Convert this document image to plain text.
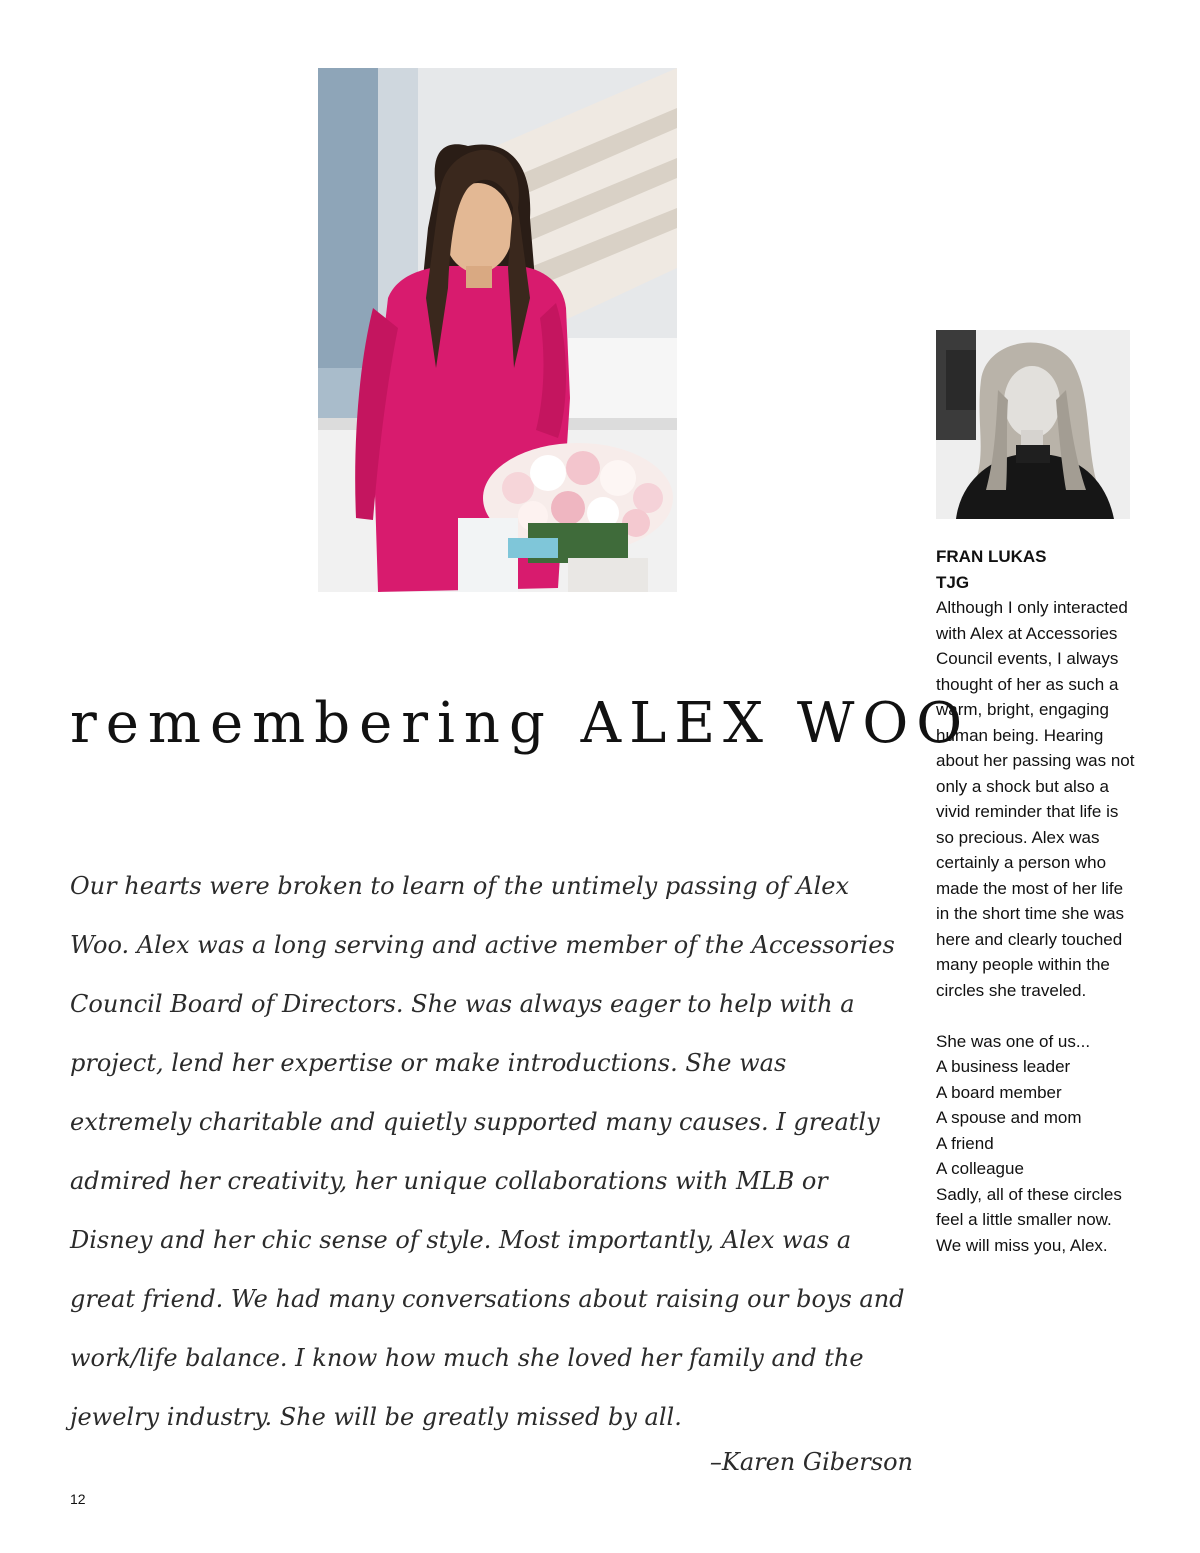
remembering ALEX WOO

Our hearts were broken to learn of the untimely passing of Alex Woo. Alex was a long serving and active member of the Accessories Council Board of Directors. She was always eager to help with a project, lend her expertise or make introductions. She was extremely charitable and quietly supported many causes. I greatly admired her creativity, her unique collaborations with MLB or Disney and her chic sense of style. Most importantly, Alex was a great friend. We had many conversations about raising our boys and work/life balance. I know how much she loved her family and the jewelry industry. She will be greatly missed by all.

–Karen Giberson
FRAN LUKAS
TJG

Although I only interacted with Alex at Accessories Council events, I always thought of her as such a warm, bright, engaging human being. Hearing about her passing was not only a shock but also a vivid reminder that life is so precious. Alex was certainly a person who made the most of her life in the short time she was here and clearly touched many people within the circles she traveled.

She was one of us...
A business leader
A board member
A spouse and mom
A friend
A colleague

Sadly, all of these circles feel a little smaller now. We will miss you, Alex.

12
